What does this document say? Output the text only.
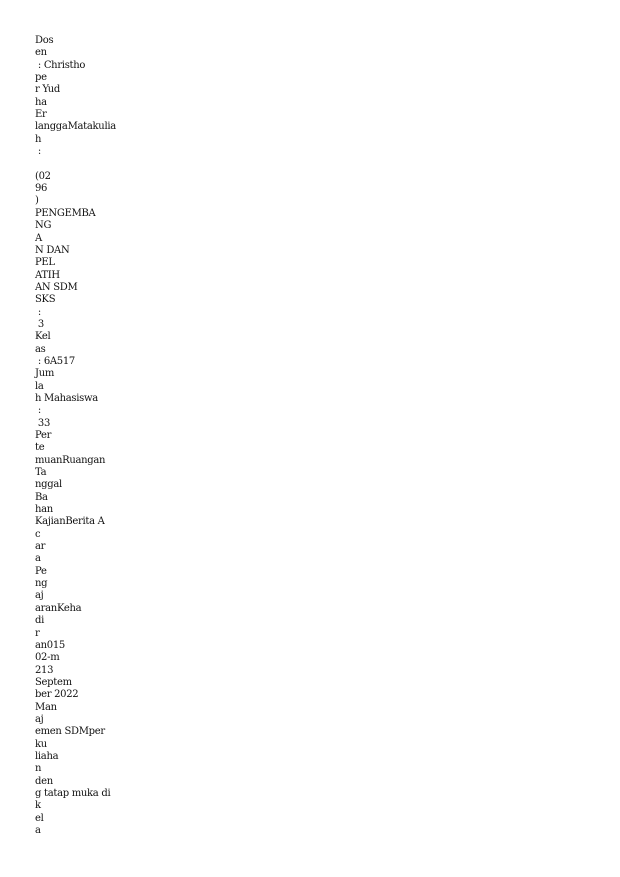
Dos
en
: Christho
pe
r Yud
ha
Er
langgaMatakulia
h
:
(02
96
)
PENGEMBA
NG
A
N DAN
PEL
ATIH
AN SDM
SKS
:
3
Kel
as
: 6A517
Jum
la
h Mahasiswa
:
33
Per
te
muanRuangan
Ta
nggal
Ba
han
KajianBerita A
c
ar
a
Pe
ng
aj
aranKeha
di
r
an015
02-m
213
Septem
ber 2022
Man
aj
emen SDMper
ku
liaha
n
den
g tatap muka di
k
el
a
